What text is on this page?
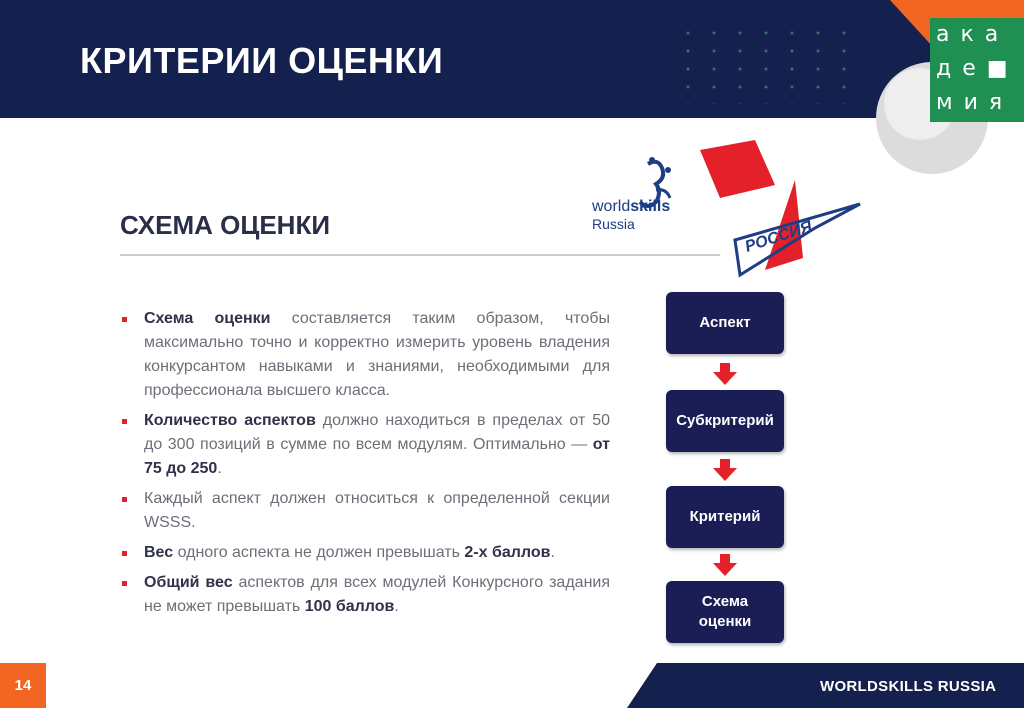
КРИТЕРИИ ОЦЕНКИ
ака
де■
мия
СХЕМА ОЦЕНКИ
worldskills
Russia	РОССИЯ
Схема оценки составляется таким образом, чтобы максимально точно и корректно измерить уровень владения конкурсантом навыками и знаниями, необходимыми для профессионала высшего класса.
Количество аспектов должно находиться в пределах от 50 до 300 позиций в сумме по всем модулям. Оптимально — от 75 до 250.
Каждый аспект должен относиться к определенной секции WSSS.
Вес одного аспекта не должен превышать 2-х баллов.
Общий вес аспектов для всех модулей Конкурсного задания не может превышать 100 баллов.
Аспект
Субкритерий
Критерий
Схема оценки
14	WORLDSKILLS RUSSIA
